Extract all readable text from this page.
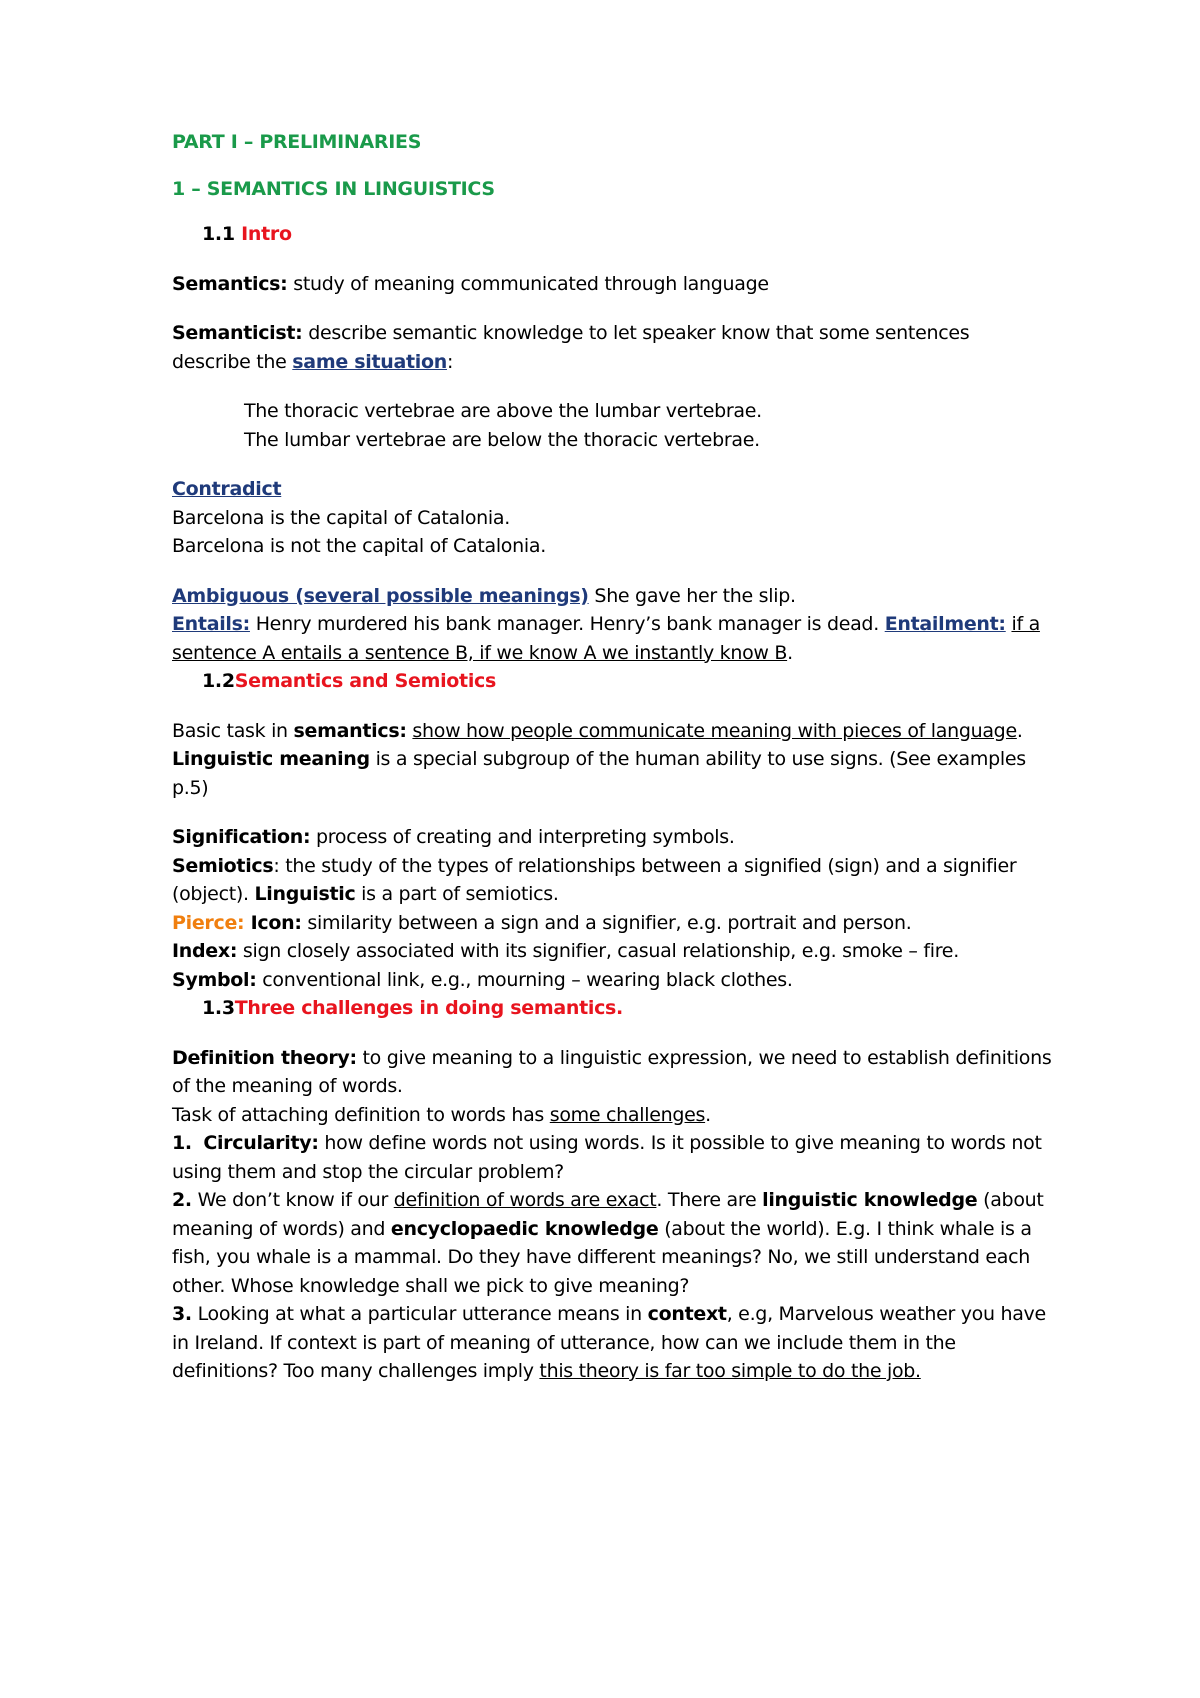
PART I – PRELIMINARIES

1 – SEMANTICS IN LINGUISTICS

1.1 Intro

Semantics: study of meaning communicated through language

Semanticist: describe semantic knowledge to let speaker know that some sentences describe the same situation:

The thoracic vertebrae are above the lumbar vertebrae.

The lumbar vertebrae are below the thoracic vertebrae.

Contradict

Barcelona is the capital of Catalonia.

Barcelona is not the capital of Catalonia.

Ambiguous (several possible meanings) She gave her the slip.

Entails: Henry murdered his bank manager. Henry’s bank manager is dead. Entailment: if a sentence A entails a sentence B, if we know A we instantly know B.

1.2Semantics and Semiotics

Basic task in semantics: show how people communicate meaning with pieces of language.

Linguistic meaning is a special subgroup of the human ability to use signs. (See examples p.5)

Signification: process of creating and interpreting symbols.

Semiotics: the study of the types of relationships between a signified (sign) and a signifier (object). Linguistic is a part of semiotics.

Pierce: Icon: similarity between a sign and a signifier, e.g. portrait and person.

Index: sign closely associated with its signifier, casual relationship, e.g. smoke – fire.

Symbol: conventional link, e.g., mourning – wearing black clothes.

1.3Three challenges in doing semantics.

Definition theory: to give meaning to a linguistic expression, we need to establish definitions of the meaning of words.

Task of attaching definition to words has some challenges.

1. Circularity: how define words not using words. Is it possible to give meaning to words not using them and stop the circular problem?

2. We don’t know if our definition of words are exact. There are linguistic knowledge (about meaning of words) and encyclopaedic knowledge (about the world). E.g. I think whale is a fish, you whale is a mammal. Do they have different meanings? No, we still understand each other. Whose knowledge shall we pick to give meaning?

3. Looking at what a particular utterance means in context, e.g, Marvelous weather you have in Ireland. If context is part of meaning of utterance, how can we include them in the definitions? Too many challenges imply this theory is far too simple to do the job.
